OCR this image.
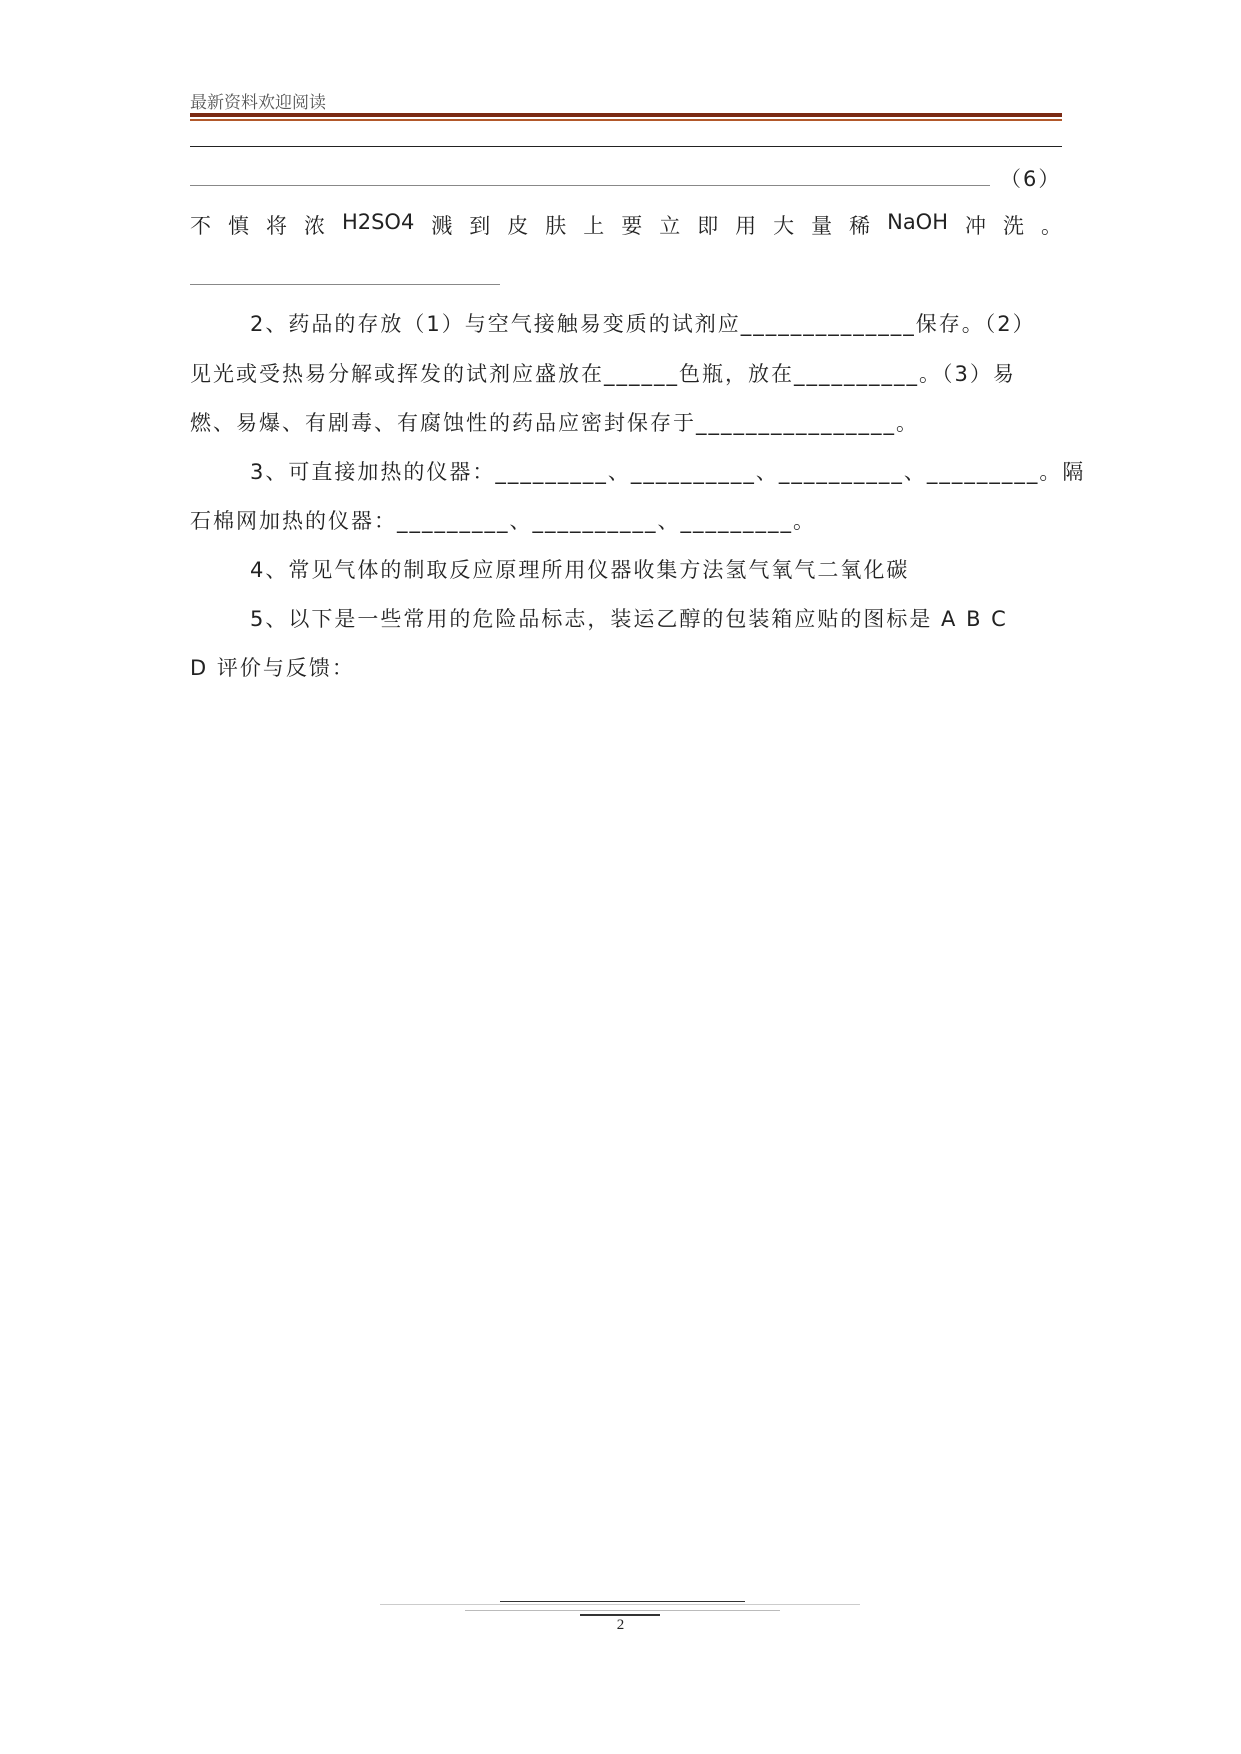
最新资料欢迎阅读
（6）
不 慎 将 浓 H2SO4 溅 到 皮 肤 上 要 立 即 用 大 量 稀 NaOH 冲 洗 。
2、药品的存放（1）与空气接触易变质的试剂应______________保存。（2）
见光或受热易分解或挥发的试剂应盛放在______色瓶，放在__________。（3）易
燃、易爆、有剧毒、有腐蚀性的药品应密封保存于________________。
3、可直接加热的仪器：_________、__________、__________、_________。隔
石棉网加热的仪器：_________、__________、_________。
4、常见气体的制取反应原理所用仪器收集方法氢气氧气二氧化碳
5、以下是一些常用的危险品标志，装运乙醇的包装箱应贴的图标是 A B C
D 评价与反馈：
2
